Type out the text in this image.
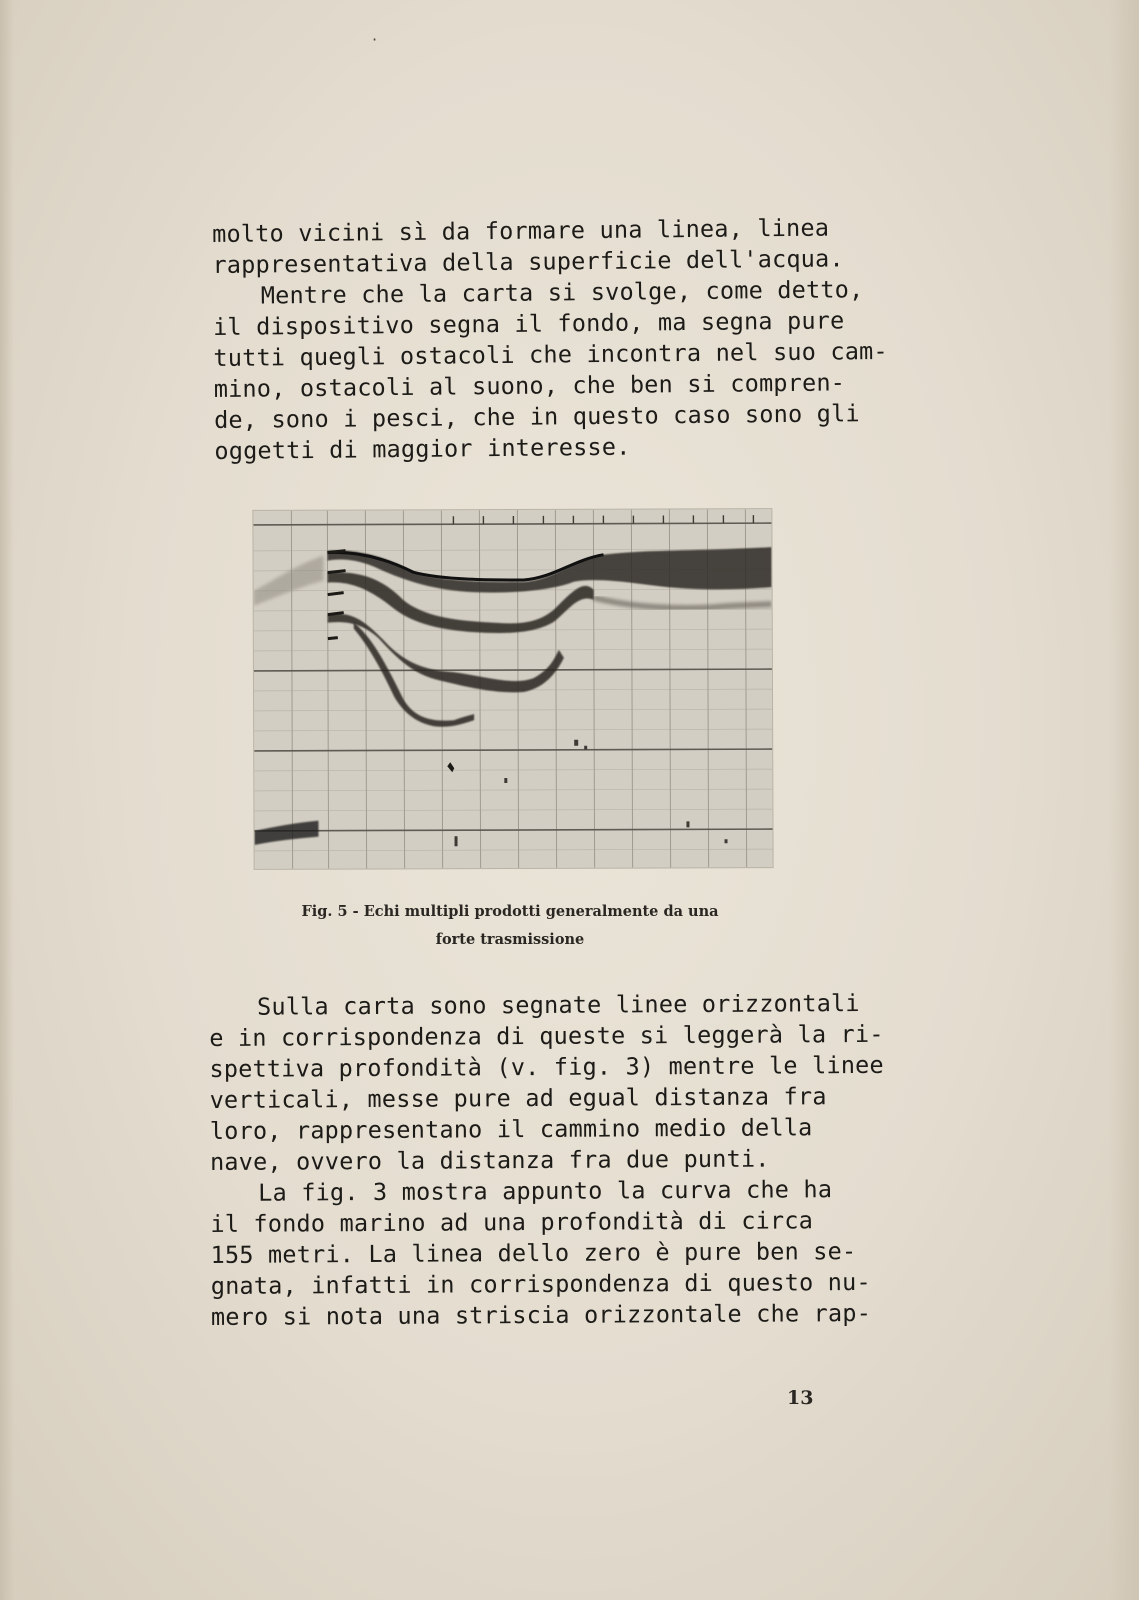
·
molto vicini sì da formare una linea, linea
rappresentativa della superficie dell'acqua.
Mentre che la carta si svolge, come detto,
il dispositivo segna il fondo, ma segna pure
tutti quegli ostacoli che incontra nel suo cam-
mino, ostacoli al suono, che ben si compren-
de, sono i pesci, che in questo caso sono gli
oggetti di maggior interesse.
Fig. 5 - Echi multipli prodotti generalmente da una
forte trasmissione
Sulla carta sono segnate linee orizzontali
e in corrispondenza di queste si leggerà la ri-
spettiva profondità (v. fig. 3) mentre le linee
verticali, messe pure ad egual distanza fra
loro, rappresentano il cammino medio della
nave, ovvero la distanza fra due punti.
La fig. 3 mostra appunto la curva che ha
il fondo marino ad una profondità di circa
155 metri. La linea dello zero è pure ben se-
gnata, infatti in corrispondenza di questo nu-
mero si nota una striscia orizzontale che rap-
13
